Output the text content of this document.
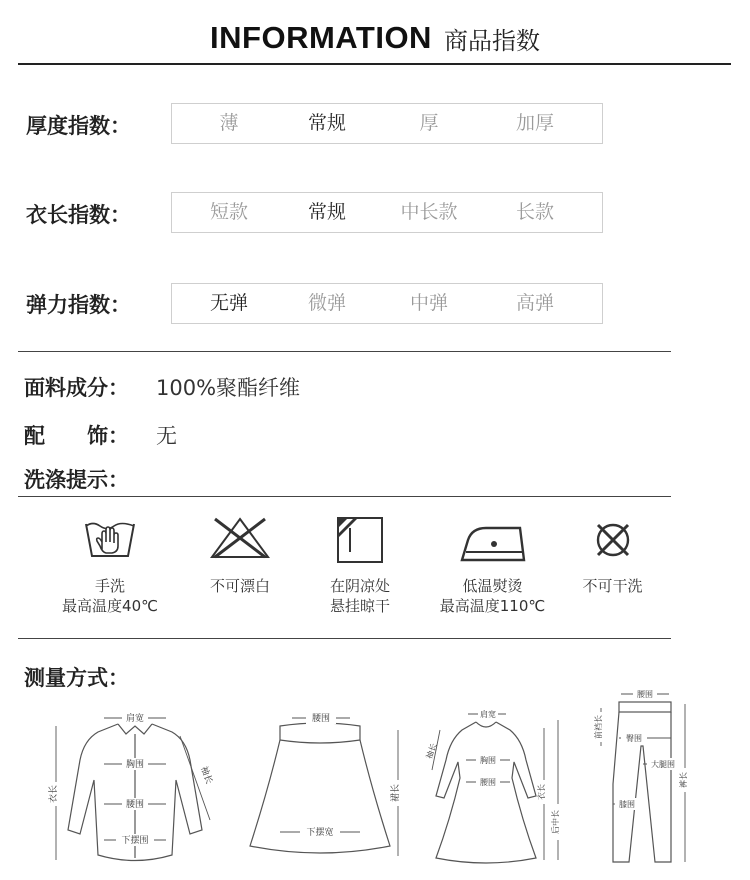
INFORMATION 商品指数
厚度指数：	薄	常规	厚	加厚
衣长指数：	短款	常规	中长款	长款
弹力指数：	无弹	微弹	中弹	高弹
面料成分： 100%聚酯纤维
配　　饰： 无
洗涤提示：
手洗
最高温度40℃
不可漂白	在阴凉处
悬挂晾干
低温熨烫
最高温度110℃
不可干洗
测量方式：
肩宽
胸围
腰围
下摆围
衣长
袖长
腰围
下摆宽
裙长
肩宽
胸围
腰围
衣长
后中长
袖长
腰围
前裆长	臀围
大腿围
膝围
裤长
